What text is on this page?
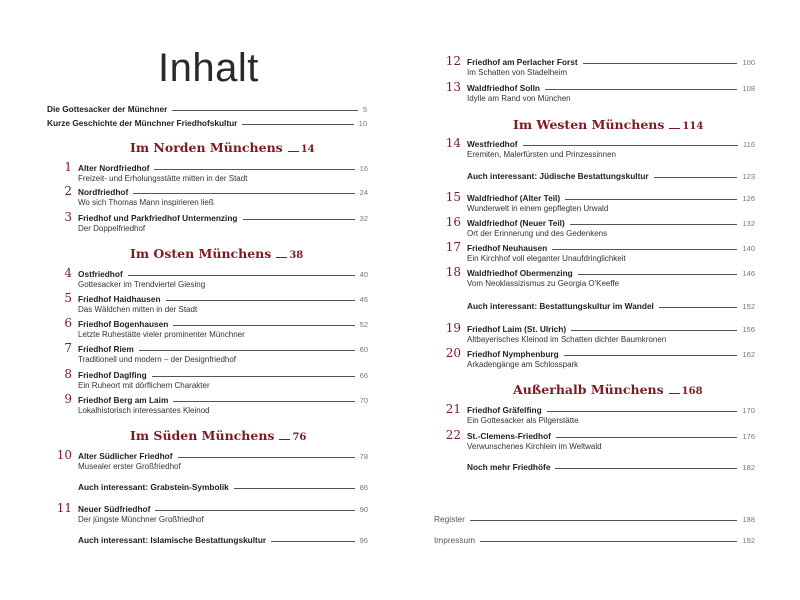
Inhalt
Die Gottesacker der Münchner	5
Kurze Geschichte der Münchner Friedhofskultur	10
Im Norden Münchens 14
1 Alter Nordfriedhof	16
Freizeit- und Erholungsstätte mitten in der Stadt
2 Nordfriedhof	24
Wo sich Thomas Mann inspirieren ließ
3 Friedhof und Parkfriedhof Untermenzing	32
Der Doppelfriedhof
Im Osten Münchens 38
4 Ostfriedhof	40
Gottesacker im Trendviertel Giesing
5 Friedhof Haidhausen	46
Das Wäldchen mitten in der Stadt
6 Friedhof Bogenhausen	52
Letzte Ruhestätte vieler prominenter Münchner
7 Friedhof Riem	60
Traditionell und modern – der Designfriedhof
8 Friedhof Daglfing	66
Ein Ruheort mit dörflichem Charakter
9 Friedhof Berg am Laim	70
Lokalhistorisch interessantes Kleinod
Im Süden Münchens 76
10 Alter Südlicher Friedhof	78
Musealer erster Großfriedhof
Auch interessant: Grabstein-Symbolik	86
11 Neuer Südfriedhof	90
Der jüngste Münchner Großfriedhof
Auch interessant: Islamische Bestattungskultur	96
12 Friedhof am Perlacher Forst	100
Im Schatten von Stadelheim
13 Waldfriedhof Solln	108
Idylle am Rand von München
Im Westen Münchens 114
14 Westfriedhof	116
Eremiten, Malerfürsten und Prinzessinnen
Auch interessant: Jüdische Bestattungskultur	123
15 Waldfriedhof (Alter Teil)	126
Wunderwelt in einem gepflegten Urwald
16 Waldfriedhof (Neuer Teil)	132
Ort der Erinnerung und des Gedenkens
17 Friedhof Neuhausen	140
Ein Kirchhof voll eleganter Unaufdringlichkeit
18 Waldfriedhof Obermenzing	146
Vom Neoklassizismus zu Georgia O'Keeffe
Auch interessant: Bestattungskultur im Wandel	152
19 Friedhof Laim (St. Ulrich)	156
Altbayerisches Kleinod im Schatten dichter Baumkronen
20 Friedhof Nymphenburg	162
Arkadengänge am Schlosspark
Außerhalb Münchens 168
21 Friedhof Gräfelfing	170
Ein Gottesacker als Pilgerstätte
22 St.-Clemens-Friedhof	176
Verwunschenes Kirchlein im Weltwald
Noch mehr Friedhöfe	182
Register	188
Impressum	192
